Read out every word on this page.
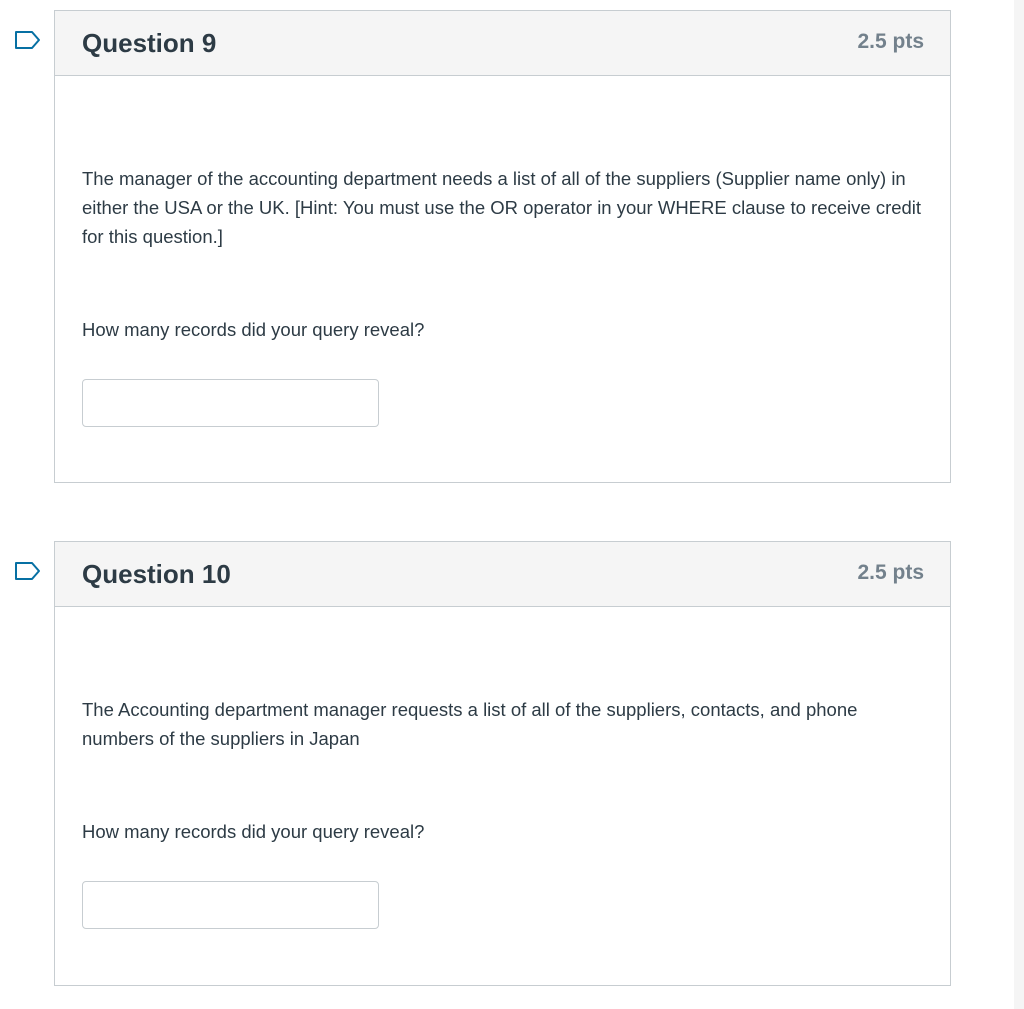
Question 9	2.5 pts

The manager of the accounting department needs a list of all of the suppliers (Supplier name only) in either the USA or the UK. [Hint: You must use the OR operator in your WHERE clause to receive credit for this question.]

How many records did your query reveal?

Question 10	2.5 pts

The Accounting department manager requests a list of all of the suppliers, contacts, and phone numbers of the suppliers in Japan

How many records did your query reveal?
